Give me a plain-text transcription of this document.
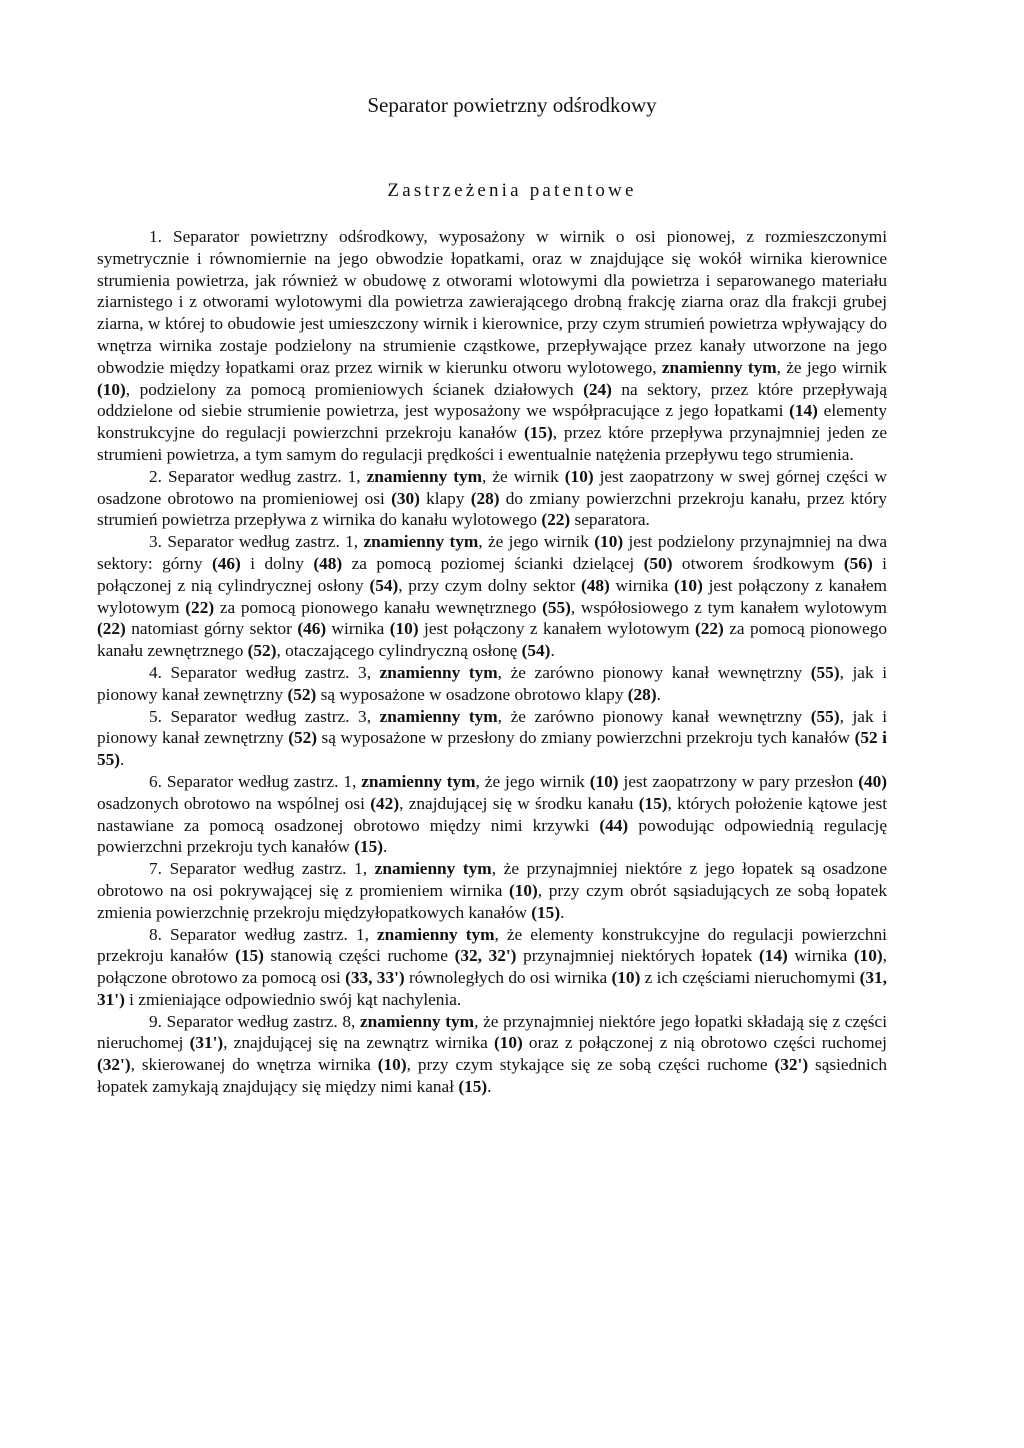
Separator powietrzny odśrodkowy
Zastrzeżenia patentowe

1. Separator powietrzny odśrodkowy, wyposażony w wirnik o osi pionowej, z rozmieszczonymi symetrycznie i równomiernie na jego obwodzie łopatkami, oraz w znajdujące się wokół wirnika kierownice strumienia powietrza, jak również w obudowę z otworami wlotowymi dla powietrza i separowanego materiału ziarnistego i z otworami wylotowymi dla powietrza zawierającego drobną frakcję ziarna oraz dla frakcji grubej ziarna, w której to obudowie jest umieszczony wirnik i kierownice, przy czym strumień powietrza wpływający do wnętrza wirnika zostaje podzielony na strumienie cząstkowe, przepływające przez kanały utworzone na jego obwodzie między łopatkami oraz przez wirnik w kierunku otworu wylotowego, znamienny tym, że jego wirnik (10), podzielony za pomocą promieniowych ścianek działowych (24) na sektory, przez które przepływają oddzielone od siebie strumienie powietrza, jest wyposażony we współpracujące z jego łopatkami (14) elementy konstrukcyjne do regulacji powierzchni przekroju kanałów (15), przez które przepływa przynajmniej jeden ze strumieni powietrza, a tym samym do regulacji prędkości i ewentualnie natężenia przepływu tego strumienia.

2. Separator według zastrz. 1, znamienny tym, że wirnik (10) jest zaopatrzony w swej górnej części w osadzone obrotowo na promieniowej osi (30) klapy (28) do zmiany powierzchni przekroju kanału, przez który strumień powietrza przepływa z wirnika do kanału wylotowego (22) separatora.

3. Separator według zastrz. 1, znamienny tym, że jego wirnik (10) jest podzielony przynajmniej na dwa sektory: górny (46) i dolny (48) za pomocą poziomej ścianki dzielącej (50) otworem środkowym (56) i połączonej z nią cylindrycznej osłony (54), przy czym dolny sektor (48) wirnika (10) jest połączony z kanałem wylotowym (22) za pomocą pionowego kanału wewnętrznego (55), współosiowego z tym kanałem wylotowym (22) natomiast górny sektor (46) wirnika (10) jest połączony z kanałem wylotowym (22) za pomocą pionowego kanału zewnętrznego (52), otaczającego cylindryczną osłonę (54).

4. Separator według zastrz. 3, znamienny tym, że zarówno pionowy kanał wewnętrzny (55), jak i pionowy kanał zewnętrzny (52) są wyposażone w osadzone obrotowo klapy (28).

5. Separator według zastrz. 3, znamienny tym, że zarówno pionowy kanał wewnętrzny (55), jak i pionowy kanał zewnętrzny (52) są wyposażone w przesłony do zmiany powierzchni przekroju tych kanałów (52 i 55).

6. Separator według zastrz. 1, znamienny tym, że jego wirnik (10) jest zaopatrzony w pary przesłon (40) osadzonych obrotowo na wspólnej osi (42), znajdującej się w środku kanału (15), których położenie kątowe jest nastawiane za pomocą osadzonej obrotowo między nimi krzywki (44) powodując odpowiednią regulację powierzchni przekroju tych kanałów (15).

7. Separator według zastrz. 1, znamienny tym, że przynajmniej niektóre z jego łopatek są osadzone obrotowo na osi pokrywającej się z promieniem wirnika (10), przy czym obrót sąsiadujących ze sobą łopatek zmienia powierzchnię przekroju międzyłopatkowych kanałów (15).

8. Separator według zastrz. 1, znamienny tym, że elementy konstrukcyjne do regulacji powierzchni przekroju kanałów (15) stanowią części ruchome (32, 32') przynajmniej niektórych łopatek (14) wirnika (10), połączone obrotowo za pomocą osi (33, 33') równoległych do osi wirnika (10) z ich częściami nieruchomymi (31, 31') i zmieniające odpowiednio swój kąt nachylenia.

9. Separator według zastrz. 8, znamienny tym, że przynajmniej niektóre jego łopatki składają się z części nieruchomej (31'), znajdującej się na zewnątrz wirnika (10) oraz z połączonej z nią obrotowo części ruchomej (32'), skierowanej do wnętrza wirnika (10), przy czym stykające się ze sobą części ruchome (32') sąsiednich łopatek zamykają znajdujący się między nimi kanał (15).
